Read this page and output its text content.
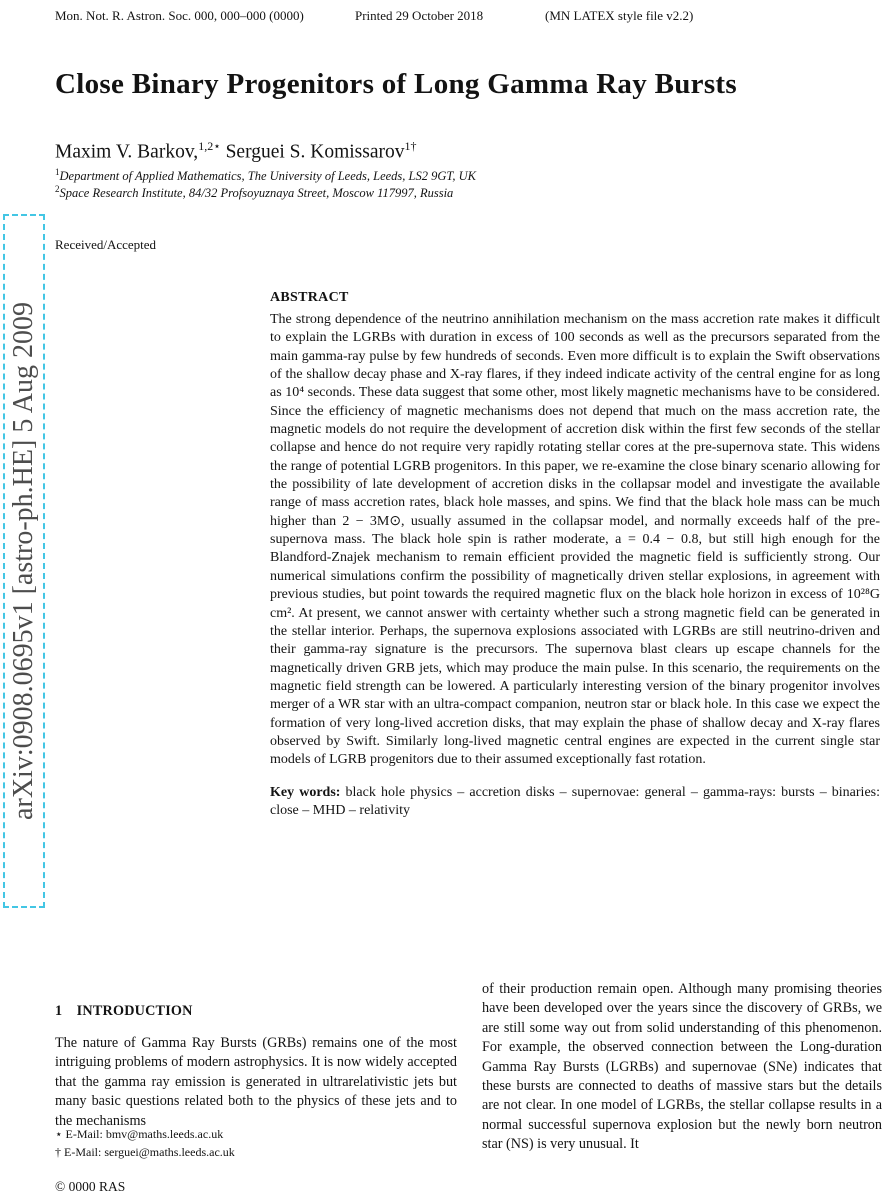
Mon. Not. R. Astron. Soc. 000, 000–000 (0000)	Printed 29 October 2018	(MN LATEX style file v2.2)
arXiv:0908.0695v1 [astro-ph.HE] 5 Aug 2009
Close Binary Progenitors of Long Gamma Ray Bursts
Maxim V. Barkov,$^{1,2⋆}$ Serguei S. Komissarov$^{1\dagger}$
$^1$Department of Applied Mathematics, The University of Leeds, Leeds, LS2 9GT, UK
$^2$Space Research Institute, 84/32 Profsoyuznaya Street, Moscow 117997, Russia
Received/Accepted
ABSTRACT
The strong dependence of the neutrino annihilation mechanism on the mass accretion rate makes it difficult to explain the LGRBs with duration in excess of 100 seconds as well as the precursors separated from the main gamma-ray pulse by few hundreds of seconds. Even more difficult is to explain the Swift observations of the shallow decay phase and X-ray flares, if they indeed indicate activity of the central engine for as long as 10⁴ seconds. These data suggest that some other, most likely magnetic mechanisms have to be considered. Since the efficiency of magnetic mechanisms does not depend that much on the mass accretion rate, the magnetic models do not require the development of accretion disk within the first few seconds of the stellar collapse and hence do not require very rapidly rotating stellar cores at the pre-supernova state. This widens the range of potential LGRB progenitors. In this paper, we re-examine the close binary scenario allowing for the possibility of late development of accretion disks in the collapsar model and investigate the available range of mass accretion rates, black hole masses, and spins. We find that the black hole mass can be much higher than 2 − 3M⊙, usually assumed in the collapsar model, and normally exceeds half of the pre-supernova mass. The black hole spin is rather moderate, a = 0.4 − 0.8, but still high enough for the Blandford-Znajek mechanism to remain efficient provided the magnetic field is sufficiently strong. Our numerical simulations confirm the possibility of magnetically driven stellar explosions, in agreement with previous studies, but point towards the required magnetic flux on the black hole horizon in excess of 10²⁸G cm². At present, we cannot answer with certainty whether such a strong magnetic field can be generated in the stellar interior. Perhaps, the supernova explosions associated with LGRBs are still neutrino-driven and their gamma-ray signature is the precursors. The supernova blast clears up escape channels for the magnetically driven GRB jets, which may produce the main pulse. In this scenario, the requirements on the magnetic field strength can be lowered. A particularly interesting version of the binary progenitor involves merger of a WR star with an ultra-compact companion, neutron star or black hole. In this case we expect the formation of very long-lived accretion disks, that may explain the phase of shallow decay and X-ray flares observed by Swift. Similarly long-lived magnetic central engines are expected in the current single star models of LGRB progenitors due to their assumed exceptionally fast rotation.
Key words: black hole physics – accretion disks – supernovae: general – gamma-rays: bursts – binaries: close – MHD – relativity
1 INTRODUCTION
The nature of Gamma Ray Bursts (GRBs) remains one of the most intriguing problems of modern astrophysics. It is now widely accepted that the gamma ray emission is generated in ultrarelativistic jets but many basic questions related both to the physics of these jets and to the mechanisms
of their production remain open. Although many promising theories have been developed over the years since the discovery of GRBs, we are still some way out from solid understanding of this phenomenon. For example, the observed connection between the Long-duration Gamma Ray Bursts (LGRBs) and supernovae (SNe) indicates that these bursts are connected to deaths of massive stars but the details are not clear. In one model of LGRBs, the stellar collapse results in a normal successful supernova explosion but the newly born neutron star (NS) is very unusual. It
⋆ E-Mail: bmv@maths.leeds.ac.uk
† E-Mail: serguei@maths.leeds.ac.uk
© 0000 RAS
